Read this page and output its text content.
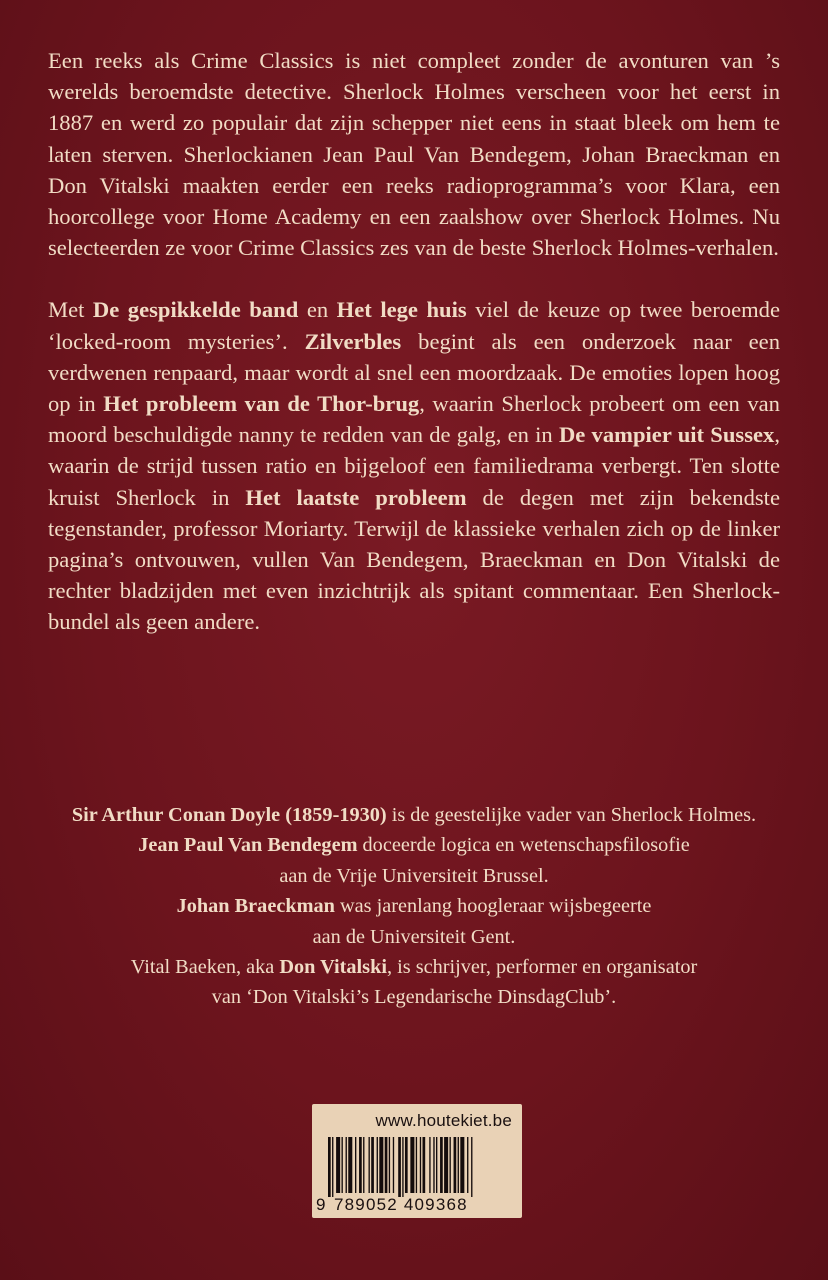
Een reeks als Crime Classics is niet compleet zonder de avonturen van ’s werelds beroemdste detective. Sherlock Holmes verscheen voor het eerst in 1887 en werd zo populair dat zijn schepper niet eens in staat bleek om hem te laten sterven. Sherlockianen Jean Paul Van Bendegem, Johan Braeckman en Don Vitalski maakten eerder een reeks radioprogramma’s voor Klara, een hoorcollege voor Home Academy en een zaalshow over Sherlock Holmes. Nu selecteerden ze voor Crime Classics zes van de beste Sherlock Holmes-verhalen.

Met De gespikkelde band en Het lege huis viel de keuze op twee beroemde ‘locked-room mysteries’. Zilverbles begint als een onderzoek naar een verdwenen renpaard, maar wordt al snel een moordzaak. De emoties lopen hoog op in Het probleem van de Thor-brug, waarin Sherlock probeert om een van moord beschuldigde nanny te redden van de galg, en in De vampier uit Sussex, waarin de strijd tussen ratio en bijgeloof een familiedrama verbergt. Ten slotte kruist Sherlock in Het laatste probleem de degen met zijn bekendste tegenstander, professor Moriarty. Terwijl de klassieke verhalen zich op de linker pagina’s ontvouwen, vullen Van Bendegem, Braeckman en Don Vitalski de rechter bladzijden met even inzichtrijk als spitant commentaar. Een Sherlock-bundel als geen andere.

Sir Arthur Conan Doyle (1859-1930) is de geestelijke vader van Sherlock Holmes.
Jean Paul Van Bendegem doceerde logica en wetenschapsfilosofie
aan de Vrije Universiteit Brussel.
Johan Braeckman was jarenlang hoogleraar wijsbegeerte
aan de Universiteit Gent.
Vital Baeken, aka Don Vitalski, is schrijver, performer en organisator
van ‘Don Vitalski’s Legendarische DinsdagClub’.
www.houtekiet.be
9 789052 409368
